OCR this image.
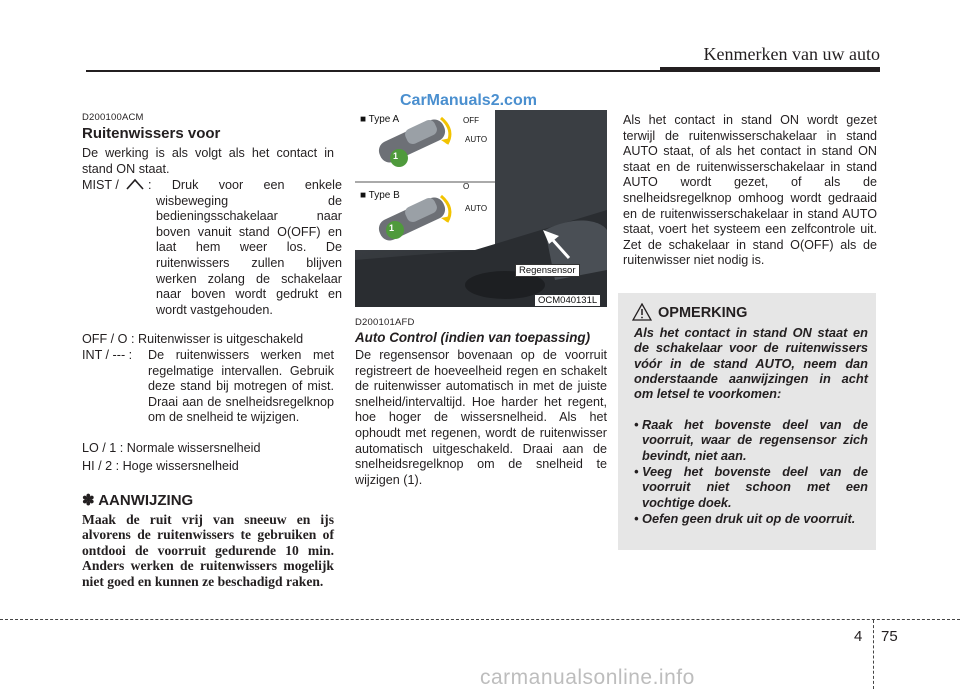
Kenmerken van uw auto
D200100ACM
Ruitenwissers voor
De werking is als volgt als het contact in stand ON staat.
MIST / : Druk voor een enkele wisbeweging de bedieningsschakelaar naar boven vanuit stand O(OFF) en laat hem weer los. De ruitenwissers zullen blijven werken zolang de schakelaar naar boven wordt gedrukt en wordt vastgehouden.
OFF / O : Ruitenwisser is uitgeschakeld
INT / --- : De ruitenwissers werken met regelmatige intervallen. Gebruik deze stand bij motregen of mist. Draai aan de snelheidsregelknop om de snelheid te wijzigen.
LO / 1 : Normale wissersnelheid
HI / 2 : Hoge wissersnelheid
✽ AANWIJZING
Maak de ruit vrij van sneeuw en ijs alvorens de ruitenwissers te gebruiken of ontdooi de voorruit gedurende 10 min. Anders werken de ruitenwissers mogelijk niet goed en kunnen ze beschadigd raken.
CarManuals2.com
■ Type A	OFF
AUTO
1
■ Type B
O
AUTO
1
Regensensor
OCM040131L
D200101AFD
Auto Control (indien van toepassing)
De regensensor bovenaan op de voorruit registreert de hoeveelheid regen en schakelt de ruitenwisser automatisch in met de juiste snelheid/intervaltijd. Hoe harder het regent, hoe hoger de wissersnelheid. Als het ophoudt met regenen, wordt de ruitenwisser automatisch uitgeschakeld. Draai aan de snelheidsregelknop om de snelheid te wijzigen (1).
Als het contact in stand ON wordt gezet terwijl de ruitenwisserschakelaar in stand AUTO staat, of als het contact in stand ON staat en de ruitenwisserschakelaar in stand AUTO wordt gezet, of als de snelheidsregelknop omhoog wordt gedraaid en de ruitenwisserschakelaar in stand AUTO staat, voert het systeem een zelfcontrole uit. Zet de schakelaar in stand O(OFF) als de ruitenwisser niet nodig is.
OPMERKING
Als het contact in stand ON staat en de schakelaar voor de ruitenwissers vóór in de stand AUTO, neem dan onderstaande aanwijzingen in acht om letsel te voorkomen:
• Raak het bovenste deel van de voorruit, waar de regensensor zich bevindt, niet aan.
• Veeg het bovenste deel van de voorruit niet schoon met een vochtige doek.
• Oefen geen druk uit op de voorruit.
4 75
carmanualsonline.info
